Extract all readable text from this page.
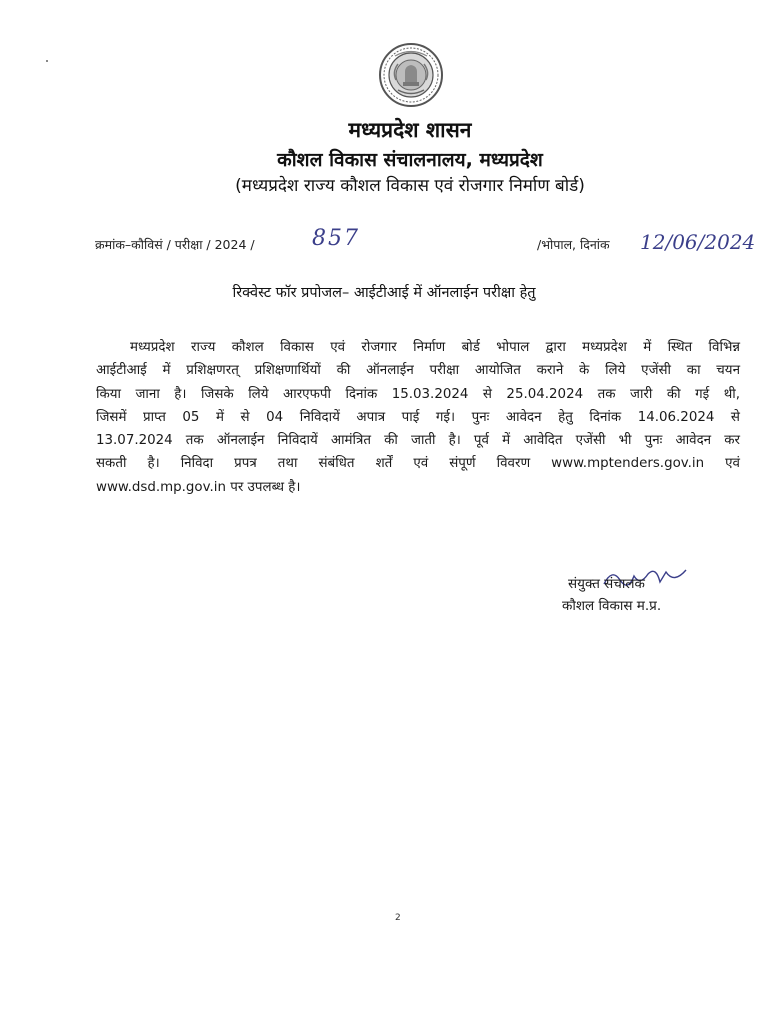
मध्यप्रदेश शासन
कौशल विकास संचालनालय, मध्यप्रदेश
(मध्यप्रदेश राज्य कौशल विकास एवं रोजगार निर्माण बोर्ड)
क्रमांक–कौविसं / परीक्षा / 2024 /	857	/भोपाल, दिनांक 12/06/2024
रिक्वेस्ट फॉर प्रपोजल– आईटीआई में ऑनलाईन परीक्षा हेतु
मध्यप्रदेश राज्य कौशल विकास एवं रोजगार निर्माण बोर्ड भोपाल द्वारा मध्यप्रदेश में स्थित विभिन्न
आईटीआई में प्रशिक्षणरत् प्रशिक्षणार्थियों की ऑनलाईन परीक्षा आयोजित कराने के लिये एजेंसी का चयन
किया जाना है। जिसके लिये आरएफपी दिनांक 15.03.2024 से 25.04.2024 तक जारी की गई थी,
जिसमें प्राप्त 05 में से 04 निविदायें अपात्र पाई गई। पुनः आवेदन हेतु दिनांक 14.06.2024 से
13.07.2024 तक ऑनलाईन निविदायें आमंत्रित की जाती है। पूर्व में आवेदित एजेंसी भी पुनः आवेदन कर
सकती है। निविदा प्रपत्र तथा संबंधित शर्तें एवं संपूर्ण विवरण www.mptenders.gov.in एवं
www.dsd.mp.gov.in पर उपलब्ध है।
संयुक्त संचालक
कौशल विकास म.प्र.
2
